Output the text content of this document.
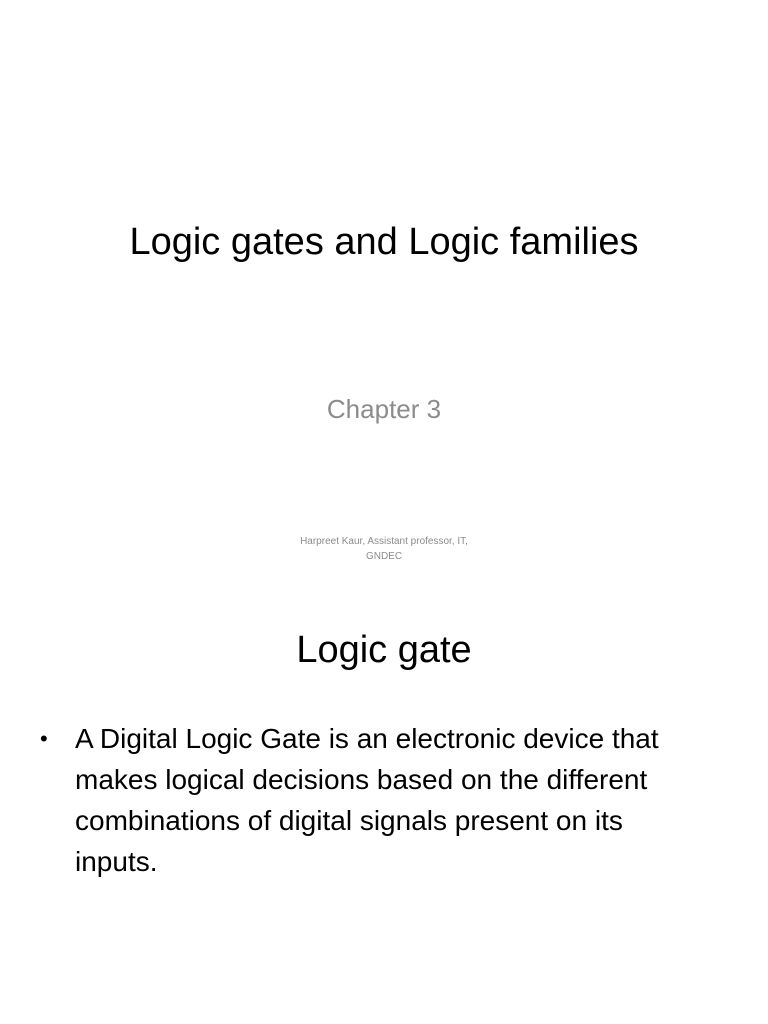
Logic gates and Logic families
Chapter 3
Harpreet Kaur, Assistant professor, IT,
GNDEC
Logic gate
• A Digital Logic Gate is an electronic device that makes logical decisions based on the different combinations of digital signals present on its inputs.
